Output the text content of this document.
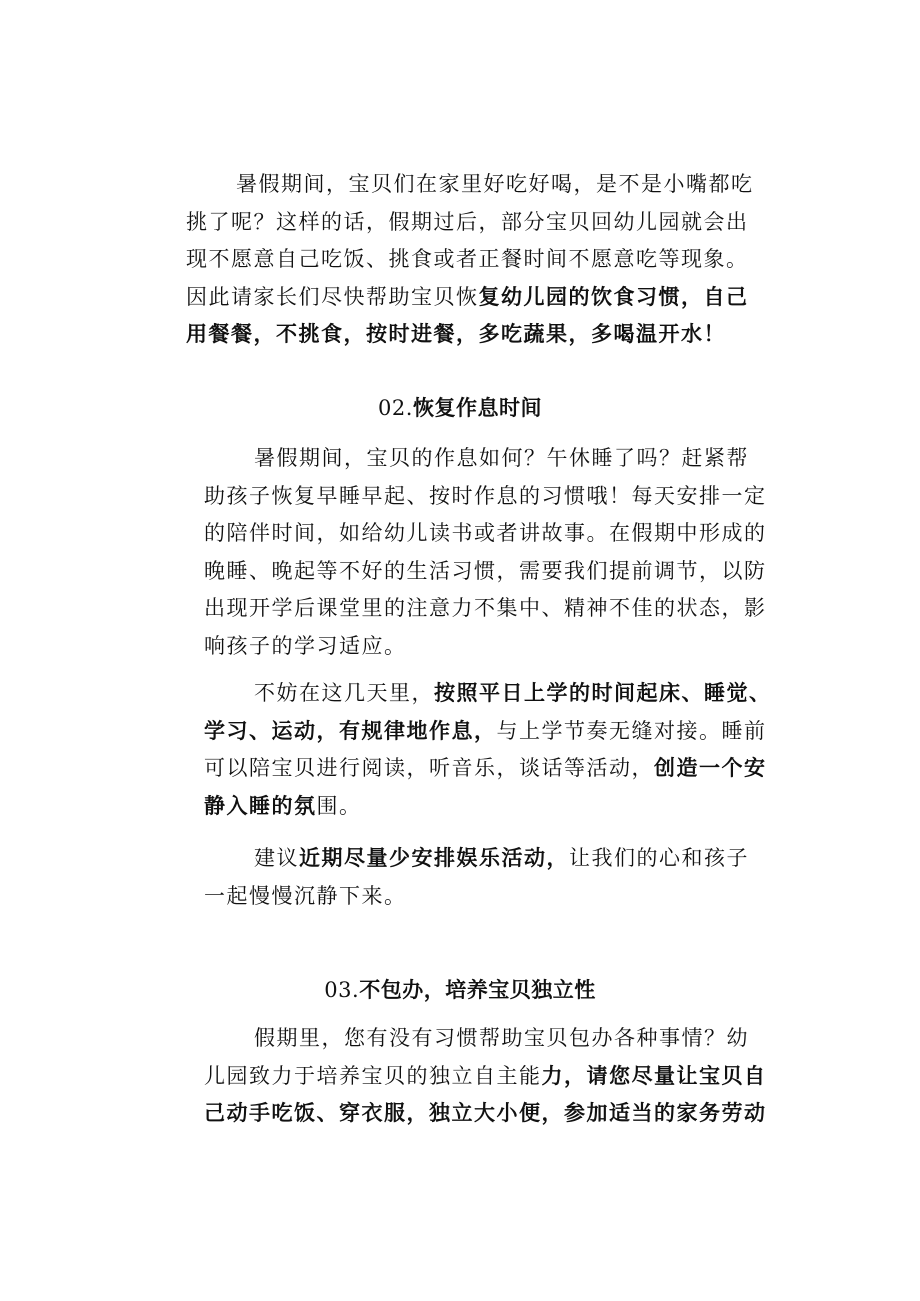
暑假期间，宝贝们在家里好吃好喝，是不是小嘴都吃
挑了呢？这样的话，假期过后，部分宝贝回幼儿园就会出
现不愿意自己吃饭、挑食或者正餐时间不愿意吃等现象。
因此请家长们尽快帮助宝贝恢复幼儿园的饮食习惯，自己
用餐餐，不挑食，按时进餐，多吃蔬果，多喝温开水！
02.恢复作息时间
暑假期间，宝贝的作息如何？午休睡了吗？赶紧帮
助孩子恢复早睡早起、按时作息的习惯哦！每天安排一定
的陪伴时间，如给幼儿读书或者讲故事。在假期中形成的
晚睡、晚起等不好的生活习惯，需要我们提前调节，以防
出现开学后课堂里的注意力不集中、精神不佳的状态，影
响孩子的学习适应。
不妨在这几天里，按照平日上学的时间起床、睡觉、
学习、运动，有规律地作息，与上学节奏无缝对接。睡前
可以陪宝贝进行阅读，听音乐，谈话等活动，创造一个安
静入睡的氛围。
建议近期尽量少安排娱乐活动，让我们的心和孩子
一起慢慢沉静下来。
03.不包办，培养宝贝独立性
假期里，您有没有习惯帮助宝贝包办各种事情？幼
儿园致力于培养宝贝的独立自主能力，请您尽量让宝贝自
己动手吃饭、穿衣服，独立大小便，参加适当的家务劳动
